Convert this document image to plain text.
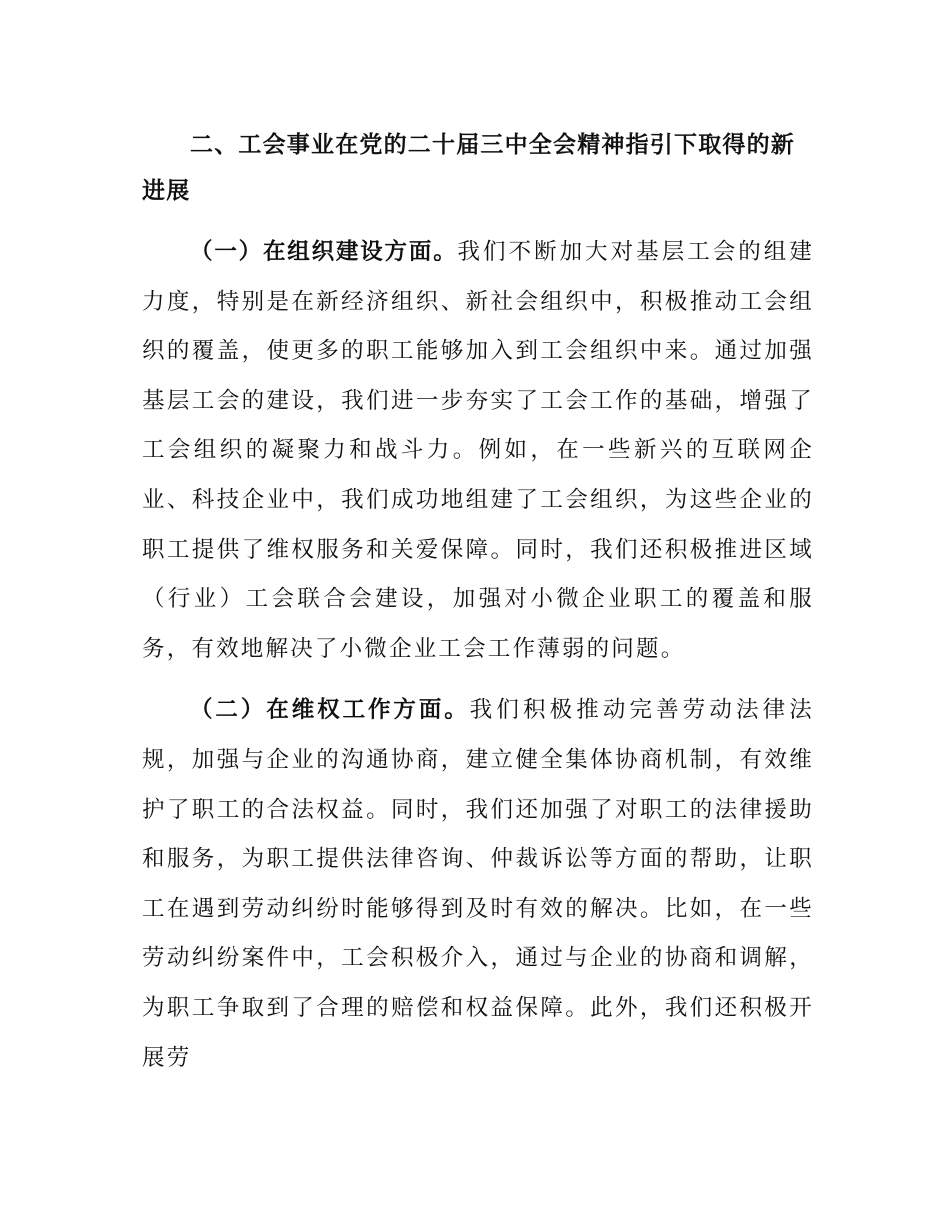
二、工会事业在党的二十届三中全会精神指引下取得的新进展

（一）在组织建设方面。我们不断加大对基层工会的组建力度，特别是在新经济组织、新社会组织中，积极推动工会组织的覆盖，使更多的职工能够加入到工会组织中来。通过加强基层工会的建设，我们进一步夯实了工会工作的基础，增强了工会组织的凝聚力和战斗力。例如，在一些新兴的互联网企业、科技企业中，我们成功地组建了工会组织，为这些企业的职工提供了维权服务和关爱保障。同时，我们还积极推进区域（行业）工会联合会建设，加强对小微企业职工的覆盖和服务，有效地解决了小微企业工会工作薄弱的问题。

（二）在维权工作方面。我们积极推动完善劳动法律法规，加强与企业的沟通协商，建立健全集体协商机制，有效维护了职工的合法权益。同时，我们还加强了对职工的法律援助和服务，为职工提供法律咨询、仲裁诉讼等方面的帮助，让职工在遇到劳动纠纷时能够得到及时有效的解决。比如，在一些劳动纠纷案件中，工会积极介入，通过与企业的协商和调解，为职工争取到了合理的赔偿和权益保障。此外，我们还积极开展劳
